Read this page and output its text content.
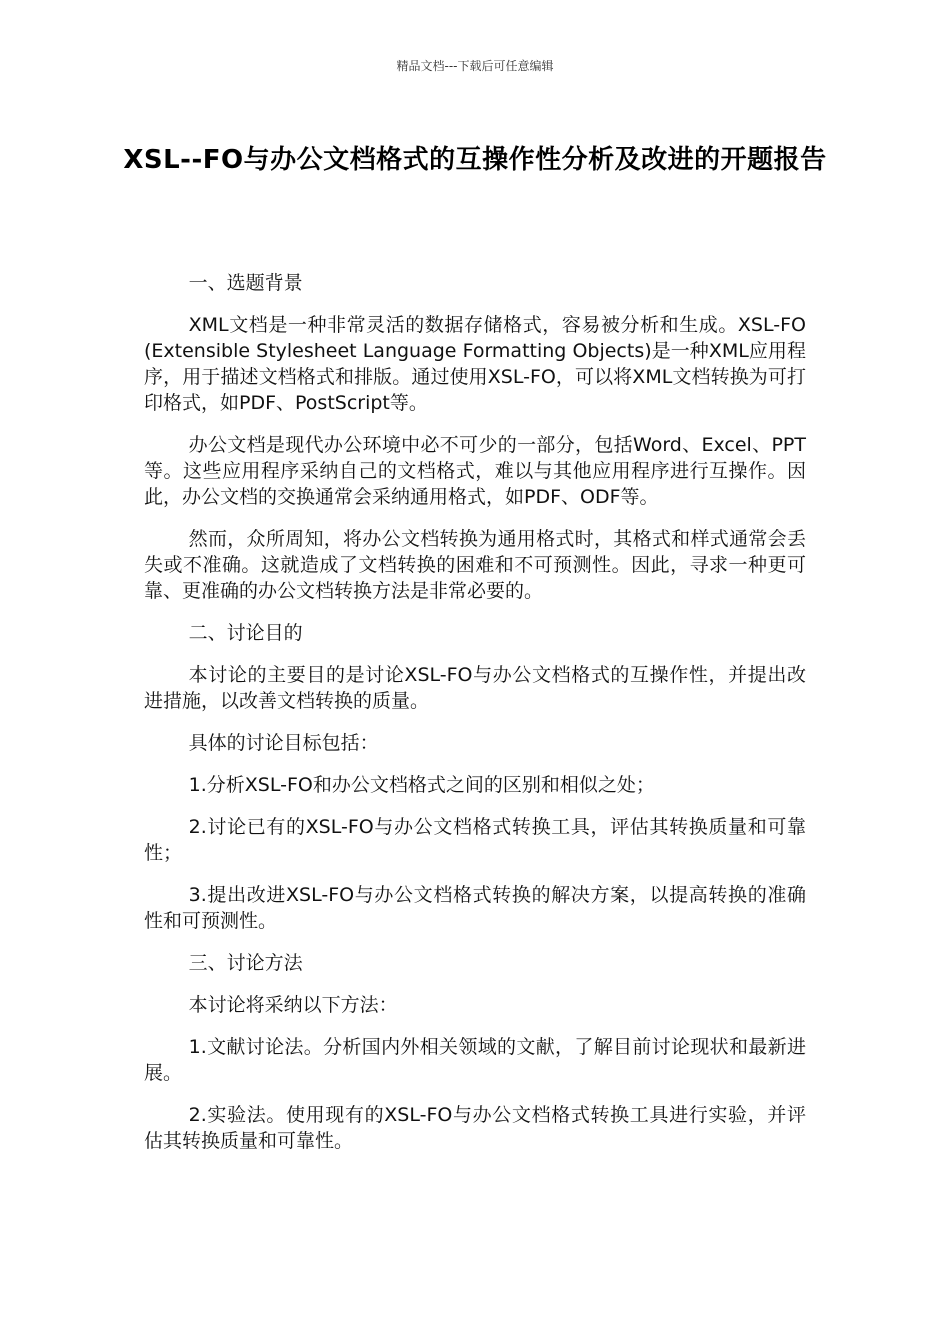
精品文档---下载后可任意编辑
XSL--FO与办公文档格式的互操作性分析及改进的开题报告

一、选题背景

XML文档是一种非常灵活的数据存储格式，容易被分析和生成。XSL-FO (Extensible Stylesheet Language Formatting Objects)是一种XML应用程序，用于描述文档格式和排版。通过使用XSL-FO，可以将XML文档转换为可打印格式，如PDF、PostScript等。

办公文档是现代办公环境中必不可少的一部分，包括Word、Excel、PPT等。这些应用程序采纳自己的文档格式，难以与其他应用程序进行互操作。因此，办公文档的交换通常会采纳通用格式，如PDF、ODF等。

然而，众所周知，将办公文档转换为通用格式时，其格式和样式通常会丢失或不准确。这就造成了文档转换的困难和不可预测性。因此，寻求一种更可靠、更准确的办公文档转换方法是非常必要的。

二、讨论目的

本讨论的主要目的是讨论XSL-FO与办公文档格式的互操作性，并提出改进措施，以改善文档转换的质量。

具体的讨论目标包括：

1.分析XSL-FO和办公文档格式之间的区别和相似之处；

2.讨论已有的XSL-FO与办公文档格式转换工具，评估其转换质量和可靠性；

3.提出改进XSL-FO与办公文档格式转换的解决方案，以提高转换的准确性和可预测性。

三、讨论方法

本讨论将采纳以下方法：

1.文献讨论法。分析国内外相关领域的文献，了解目前讨论现状和最新进展。

2.实验法。使用现有的XSL-FO与办公文档格式转换工具进行实验，并评估其转换质量和可靠性。
